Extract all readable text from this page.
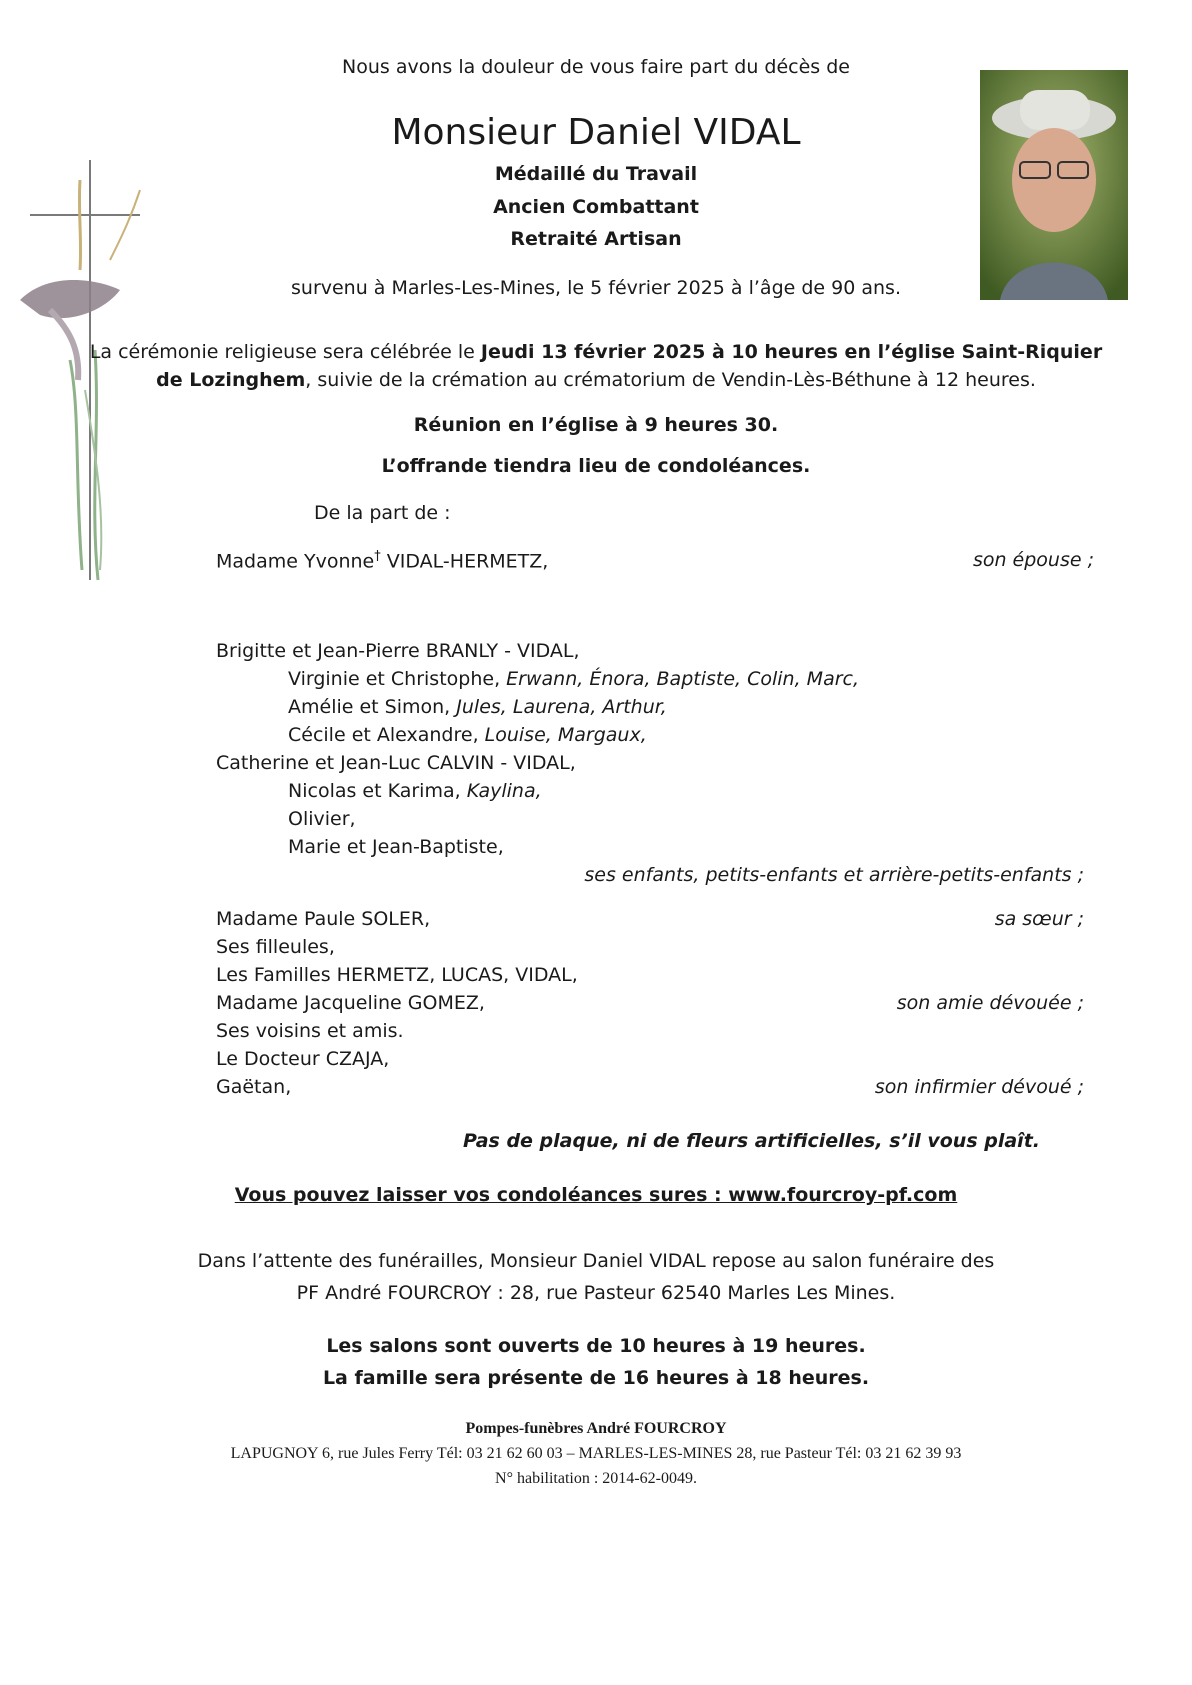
Nous avons la douleur de vous faire part du décès de
Monsieur Daniel VIDAL
Médaillé du Travail
Ancien Combattant
Retraité Artisan
survenu à Marles-Les-Mines, le 5 février 2025 à l’âge de 90 ans.
La cérémonie religieuse sera célébrée le Jeudi 13 février 2025 à 10 heures en l’église Saint-Riquier
de Lozinghem, suivie de la crémation au crématorium de Vendin-Lès-Béthune à 12 heures.
Réunion en l’église à 9 heures 30.
L’offrande tiendra lieu de condoléances.
De la part de :
Madame Yvonne† VIDAL-HERMETZ,	son épouse ;
Brigitte et Jean-Pierre BRANLY - VIDAL,
Virginie et Christophe, Erwann, Énora, Baptiste, Colin, Marc,
Amélie et Simon, Jules, Laurena, Arthur,
Cécile et Alexandre, Louise, Margaux,
Catherine et Jean-Luc CALVIN - VIDAL,
Nicolas et Karima, Kaylina,
Olivier,
Marie et Jean-Baptiste,
ses enfants, petits-enfants et arrière-petits-enfants ;
Madame Paule SOLER,	sa sœur ;
Ses filleules,
Les Familles HERMETZ, LUCAS, VIDAL,
Madame Jacqueline GOMEZ,	son amie dévouée ;
Ses voisins et amis.
Le Docteur CZAJA,
Gaëtan,	son infirmier dévoué ;
Pas de plaque, ni de fleurs artificielles, s’il vous plaît.
Vous pouvez laisser vos condoléances sures : www.fourcroy-pf.com
Dans l’attente des funérailles, Monsieur Daniel VIDAL repose au salon funéraire des
PF André FOURCROY : 28, rue Pasteur 62540 Marles Les Mines.
Les salons sont ouverts de 10 heures à 19 heures.
La famille sera présente de 16 heures à 18 heures.
Pompes-funèbres André FOURCROY
LAPUGNOY 6, rue Jules Ferry Tél: 03 21 62 60 03 – MARLES-LES-MINES 28, rue Pasteur Tél: 03 21 62 39 93
N° habilitation : 2014-62-0049.
